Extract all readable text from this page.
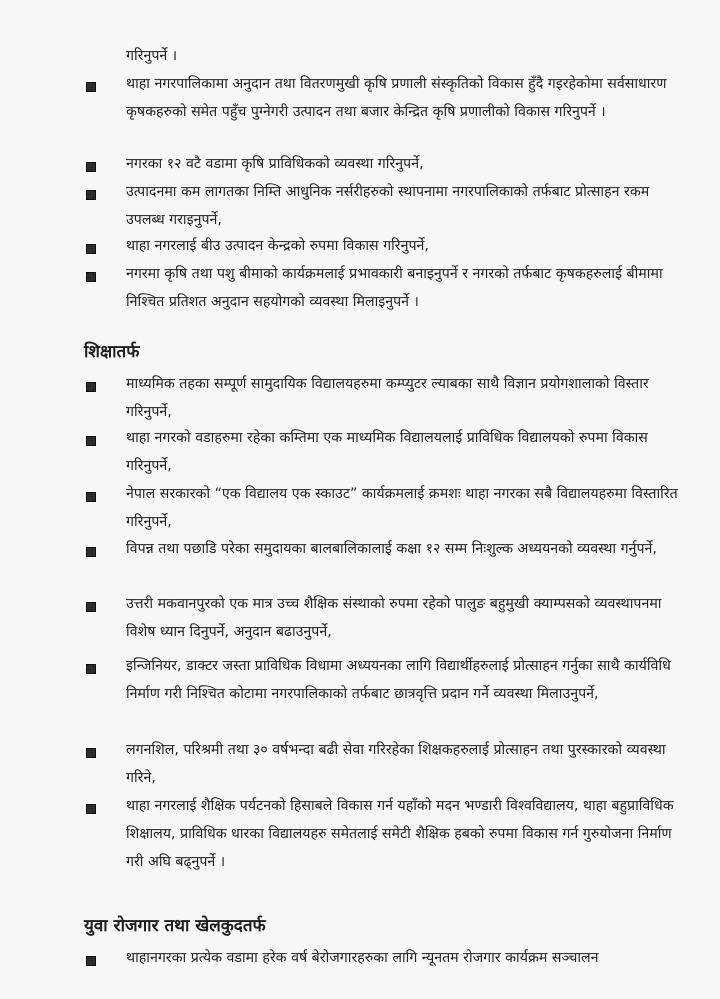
गरिनुपर्ने ।
थाहा नगरपालिकामा अनुदान तथा वितरणमुखी कृषि प्रणाली संस्कृतिको विकास हुँदै गइरहेकोमा सर्वसाधारण कृषकहरुको समेत पहुँच पुग्नेगरी उत्पादन तथा बजार केन्द्रित कृषि प्रणालीको विकास गरिनुपर्ने ।
नगरका १२ वटै वडामा कृषि प्राविधिकको व्यवस्था गरिनुपर्ने,
उत्पादनमा कम लागतका निम्ति आधुनिक नर्सरीहरुको स्थापनामा नगरपालिकाको तर्फबाट प्रोत्साहन रकम उपलब्ध गराइनुपर्ने,
थाहा नगरलाई बीउ उत्पादन केन्द्रको रुपमा विकास गरिनुपर्ने,
नगरमा कृषि तथा पशु बीमाको कार्यक्रमलाई प्रभावकारी बनाइनुपर्ने र नगरको तर्फबाट कृषकहरुलाई बीमामा निश्चित प्रतिशत अनुदान सहयोगको व्यवस्था मिलाइनुपर्ने ।
शिक्षातर्फ
माध्यमिक तहका सम्पूर्ण सामुदायिक विद्यालयहरुमा कम्प्युटर ल्याबका साथै विज्ञान प्रयोगशालाको विस्तार गरिनुपर्ने,
थाहा नगरको वडाहरुमा रहेका कम्तिमा एक माध्यमिक विद्यालयलाई प्राविधिक विद्यालयको रुपमा विकास गरिनुपर्ने,
नेपाल सरकारको “एक विद्यालय एक स्काउट” कार्यक्रमलाई क्रमशः थाहा नगरका सबै विद्यालयहरुमा विस्तारित गरिनुपर्ने,
विपन्न तथा पछाडि परेका समुदायका बालबालिकालाई कक्षा १२ सम्म निःशुल्क अध्ययनको व्यवस्था गर्नुपर्ने,
उत्तरी मकवानपुरको एक मात्र उच्च शैक्षिक संस्थाको रुपमा रहेको पालुङ बहुमुखी क्याम्पसको व्यवस्थापनमा विशेष ध्यान दिनुपर्ने, अनुदान बढाउनुपर्ने,
इन्जिनियर, डाक्टर जस्ता प्राविधिक विधामा अध्ययनका लागि विद्यार्थीहरुलाई प्रोत्साहन गर्नुका साथै कार्यविधि निर्माण गरी निश्चित कोटामा नगरपालिकाको तर्फबाट छात्रवृत्ति प्रदान गर्ने व्यवस्था मिलाउनुपर्ने,
लगनशिल, परिश्रमी तथा ३० वर्षभन्दा बढी सेवा गरिरहेका शिक्षकहरुलाई प्रोत्साहन तथा पुरस्कारको व्यवस्था गरिने,
थाहा नगरलाई शैक्षिक पर्यटनको हिसाबले विकास गर्न यहाँको मदन भण्डारी विश्वविद्यालय, थाहा बहुप्राविधिक शिक्षालय, प्राविधिक धारका विद्यालयहरु समेतलाई समेटी शैक्षिक हबको रुपमा विकास गर्न गुरुयोजना निर्माण गरी अघि बढ्नुपर्ने ।
युवा रोजगार तथा खेलकुदतर्फ
थाहानगरका प्रत्येक वडामा हरेक वर्ष बेरोजगारहरुका लागि न्यूनतम रोजगार कार्यक्रम सञ्चालन
